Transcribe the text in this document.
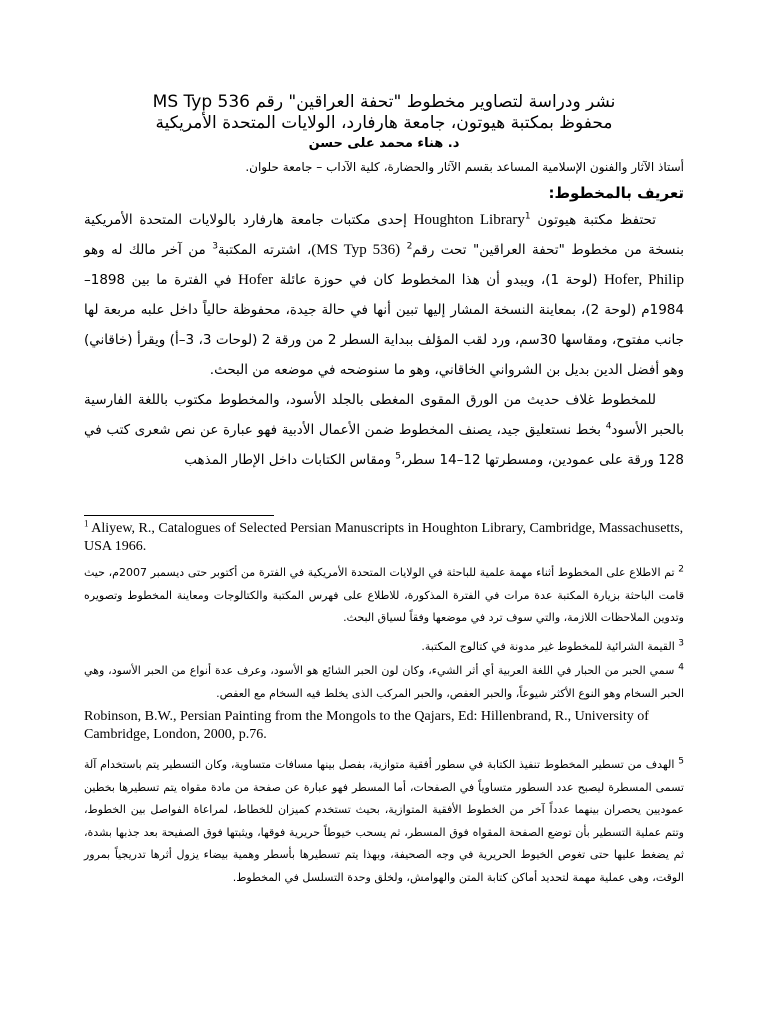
نشر ودراسة لتصاوير مخطوط "تحفة العراقين" رقم MS Typ 536
محفوظ بمكتبة هيوتون، جامعة هارفارد، الولايات المتحدة الأمريكية
د. هناء محمد على حسن
أستاذ الآثار والفنون الإسلامية المساعد بقسم الآثار والحضارة، كلية الآداب – جامعة حلوان.
تعريف بالمخطوط:

تحتفظ مكتبة هيوتون Houghton Library$^1$ إحدى مكتبات جامعة هارفارد بالولايات المتحدة الأمريكية بنسخة من مخطوط "تحفة العراقين" تحت رقم$^2$ (MS Typ 536)، اشترته المكتبة$^3$ من آخر مالك له وهو Hofer, Philip (لوحة 1)، ويبدو أن هذا المخطوط كان في حوزة عائلة Hofer في الفترة ما بين 1898–1984م (لوحة 2)، بمعاينة النسخة المشار إليها تبين أنها في حالة جيدة، محفوظة حالياً داخل علبه مربعة لها جانب مفتوح، ومقاسها 30سم، ورد لقب المؤلف ببداية السطر 2 من ورقة 2 (لوحات 3، 3–أ) ويقرأ (خاقاني) وهو أفضل الدين بديل بن الشرواني الخاقاني، وهو ما سنوضحه في موضعه من البحث.

للمخطوط غلاف حديث من الورق المقوى المغطى بالجلد الأسود، والمخطوط مكتوب باللغة الفارسية بالحبر الأسود$^4$ بخط نستعليق جيد، يصنف المخطوط ضمن الأعمال الأدبية فهو عبارة عن نص شعرى كتب في 128 ورقة على عمودين، ومسطرتها 12–14 سطر،$^5$ ومقاس الكتابات داخل الإطار المذهب

$^1$ Aliyew, R., Catalogues of Selected Persian Manuscripts in Houghton Library, Cambridge, Massachusetts, USA 1966.
$^2$ تم الاطلاع على المخطوط أثناء مهمة علمية للباحثة في الولايات المتحدة الأمريكية في الفترة من أكتوبر حتى ديسمبر 2007م، حيث قامت الباحثة بزيارة المكتبة عدة مرات في الفترة المذكورة، للاطلاع على فهرس المكتبة والكتالوجات ومعاينة المخطوط وتصويره وتدوين الملاحظات اللازمة، والتي سوف ترد في موضعها وفقاً لسياق البحث.
$^3$ القيمة الشرائية للمخطوط غير مدونة في كتالوج المكتبة.
$^4$ سمي الحبر من الحبار في اللغة العربية أي أثر الشيء، وكان لون الحبر الشائع هو الأسود، وعرف عدة أنواع من الحبر الأسود، وهي الحبر السخام وهو النوع الأكثر شيوعاً، والحبر العفص، والحبر المركب الذى يخلط فيه السخام مع العفص.
Robinson, B.W., Persian Painting from the Mongols to the Qajars, Ed: Hillenbrand, R., University of Cambridge, London, 2000, p.76.
$^5$ الهدف من تسطير المخطوط تنفيذ الكتابة في سطور أفقية متوازية، بفصل بينها مسافات متساوية، وكان التسطير يتم باستخدام آلة تسمى المسطرة ليصبح عدد السطور متساوياً في الصفحات، أما المسطر فهو عبارة عن صفحة من مادة مقواه يتم تسطيرها بخطين عموديين يحصران بينهما عدداً آخر من الخطوط الأفقية المتوازية، بحيث تستخدم كميزان للخطاط، لمراعاة الفواصل بين الخطوط، وتتم عملية التسطير بأن توضع الصفحة المقواه فوق المسطر، ثم يسحب خيوطاً حريرية فوقها، ويثبتها فوق الصفيحة بعد جذبها بشدة، ثم يضغط عليها حتى تغوص الخيوط الحريرية في وجه الصحيفة، وبهذا يتم تسطيرها بأسطر وهمية بيضاء يزول أثرها تدريجياً بمرور الوقت، وهى عملية مهمة لتحديد أماكن كتابة المتن والهوامش، ولخلق وحدة التسلسل في المخطوط.
